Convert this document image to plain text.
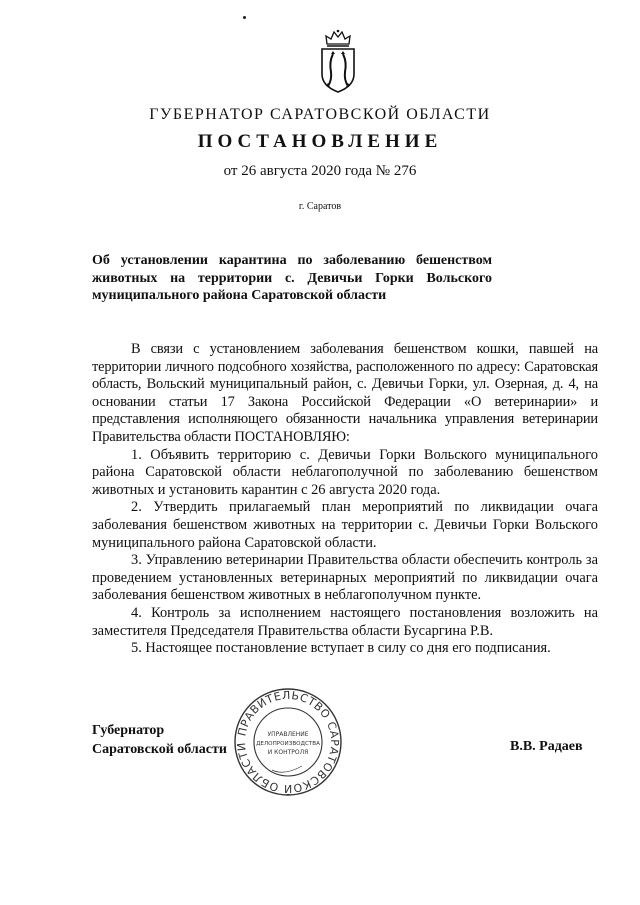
ГУБЕРНАТОР САРАТОВСКОЙ ОБЛАСТИ
ПОСТАНОВЛЕНИЕ
от 26 августа 2020 года № 276
г. Саратов
Об установлении карантина по заболеванию бешенством животных на территории с. Девичьи Горки Вольского муниципального района Саратовской области

В связи с установлением заболевания бешенством кошки, павшей на территории личного подсобного хозяйства, расположенного по адресу: Саратовская область, Вольский муниципальный район, с. Девичьи Горки, ул. Озерная, д. 4, на основании статьи 17 Закона Российской Федерации «О ветеринарии» и представления исполняющего обязанности начальника управления ветеринарии Правительства области ПОСТАНОВЛЯЮ:

1. Объявить территорию с. Девичьи Горки Вольского муниципального района Саратовской области неблагополучной по заболеванию бешенством животных и установить карантин с 26 августа 2020 года.

2. Утвердить прилагаемый план мероприятий по ликвидации очага заболевания бешенством животных на территории с. Девичьи Горки Вольского муниципального района Саратовской области.

3. Управлению ветеринарии Правительства области обеспечить контроль за проведением установленных ветеринарных мероприятий по ликвидации очага заболевания бешенством животных в неблагополучном пункте.

4. Контроль за исполнением настоящего постановления возложить на заместителя Председателя Правительства области Бусаргина Р.В.

5. Настоящее постановление вступает в силу со дня его подписания.

Губернатор
Саратовской области	В.В. Радаев
ПРАВИТЕЛЬСТВО САРАТОВСКОЙ ОБЛАСТИ
УПРАВЛЕНИЕ
ДЕЛОПРОИЗВОДСТВА
И КОНТРОЛЯ
